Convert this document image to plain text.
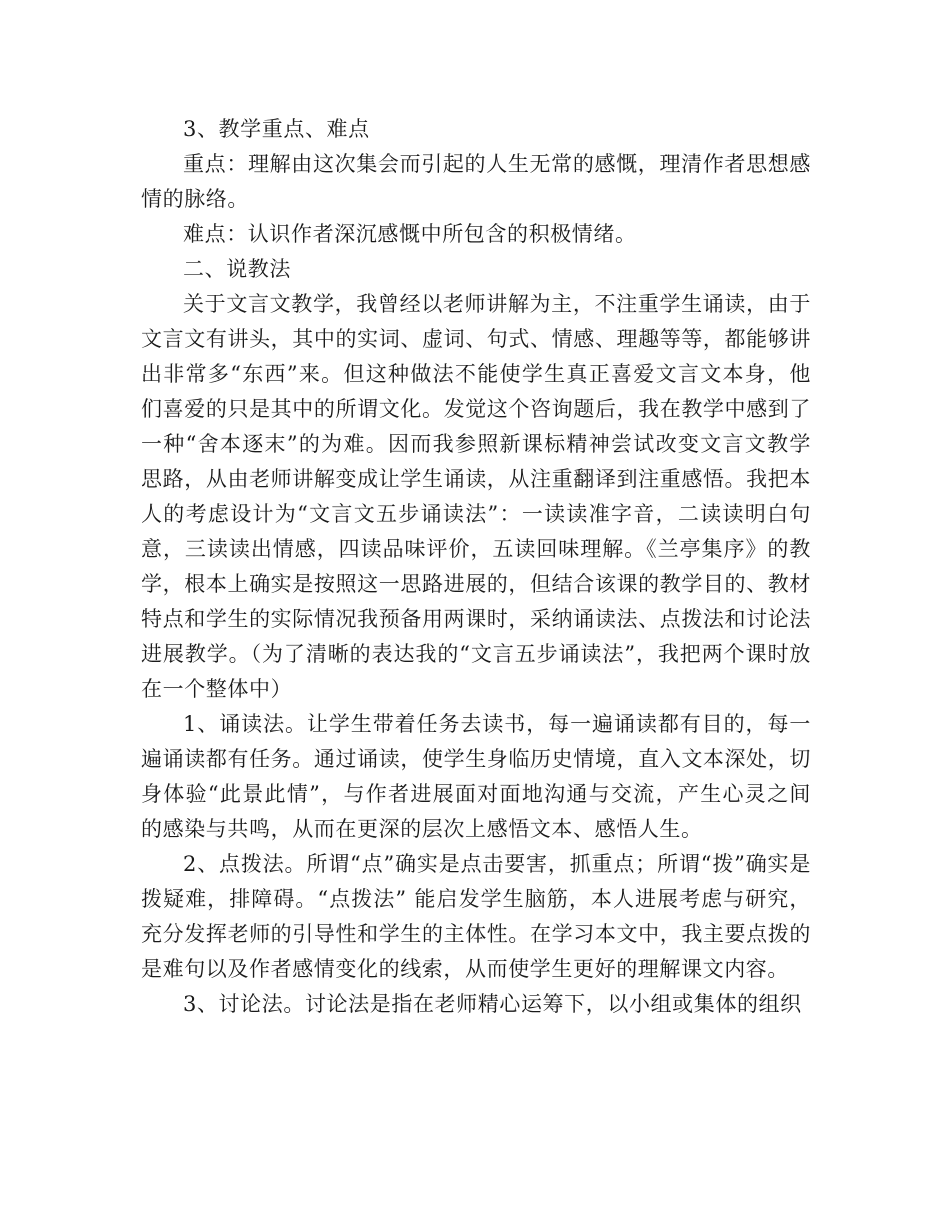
3、教学重点、难点

重点：理解由这次集会而引起的人生无常的感慨，理清作者思想感情的脉络。

难点：认识作者深沉感慨中所包含的积极情绪。

二、说教法

关于文言文教学，我曾经以老师讲解为主，不注重学生诵读，由于文言文有讲头，其中的实词、虚词、句式、情感、理趣等等，都能够讲出非常多“东西”来。但这种做法不能使学生真正喜爱文言文本身，他们喜爱的只是其中的所谓文化。发觉这个咨询题后，我在教学中感到了一种“舍本逐末”的为难。因而我参照新课标精神尝试改变文言文教学思路，从由老师讲解变成让学生诵读，从注重翻译到注重感悟。我把本人的考虑设计为“文言文五步诵读法”：一读读准字音，二读读明白句意，三读读出情感，四读品味评价，五读回味理解。《兰亭集序》的教学，根本上确实是按照这一思路进展的，但结合该课的教学目的、教材特点和学生的实际情况我预备用两课时，采纳诵读法、点拨法和讨论法进展教学。（为了清晰的表达我的“文言五步诵读法”，我把两个课时放在一个整体中）

1、诵读法。让学生带着任务去读书，每一遍诵读都有目的，每一遍诵读都有任务。通过诵读，使学生身临历史情境，直入文本深处，切身体验“此景此情”，与作者进展面对面地沟通与交流，产生心灵之间的感染与共鸣，从而在更深的层次上感悟文本、感悟人生。

2、点拨法。所谓“点”确实是点击要害，抓重点；所谓“拨”确实是拨疑难，排障碍。“点拨法” 能启发学生脑筋，本人进展考虑与研究，充分发挥老师的引导性和学生的主体性。在学习本文中，我主要点拨的是难句以及作者感情变化的线索，从而使学生更好的理解课文内容。

3、讨论法。讨论法是指在老师精心运筹下，以小组或集体的组织
